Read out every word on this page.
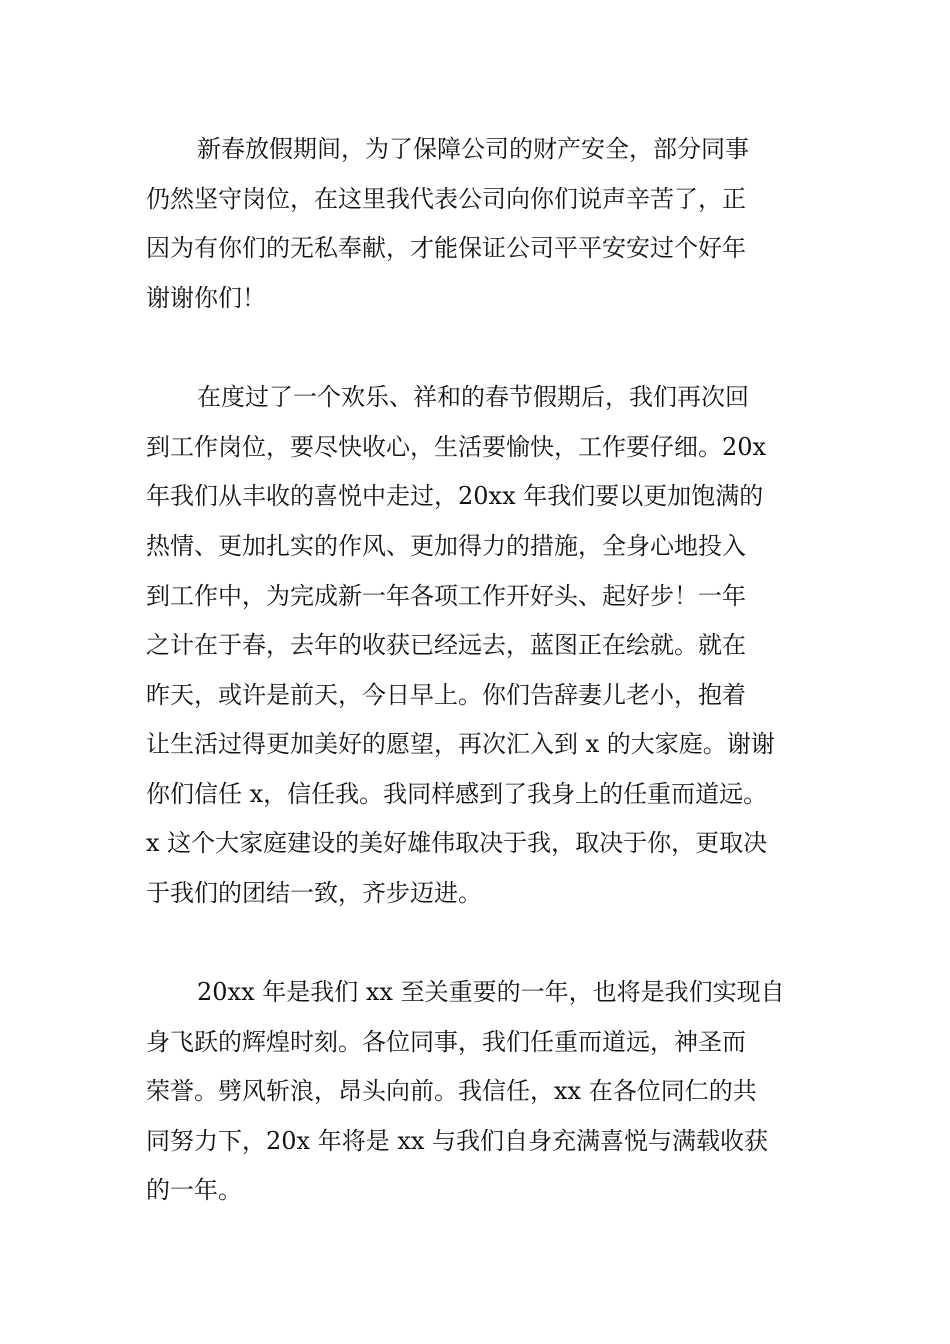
新春放假期间，为了保障公司的财产安全，部分同事

仍然坚守岗位，在这里我代表公司向你们说声辛苦了，正

因为有你们的无私奉献，才能保证公司平平安安过个好年

谢谢你们！

在度过了一个欢乐、祥和的春节假期后，我们再次回

到工作岗位，要尽快收心，生活要愉快，工作要仔细。20x

年我们从丰收的喜悦中走过，20xx 年我们要以更加饱满的

热情、更加扎实的作风、更加得力的措施，全身心地投入

到工作中，为完成新一年各项工作开好头、起好步！一年

之计在于春，去年的收获已经远去，蓝图正在绘就。就在

昨天，或许是前天，今日早上。你们告辞妻儿老小，抱着

让生活过得更加美好的愿望，再次汇入到 x 的大家庭。谢谢

你们信任 x，信任我。我同样感到了我身上的任重而道远。

x 这个大家庭建设的美好雄伟取决于我，取决于你，更取决

于我们的团结一致，齐步迈进。

20xx 年是我们 xx 至关重要的一年，也将是我们实现自

身飞跃的辉煌时刻。各位同事，我们任重而道远，神圣而

荣誉。劈风斩浪，昂头向前。我信任，xx 在各位同仁的共

同努力下，20x 年将是 xx 与我们自身充满喜悦与满载收获

的一年。
